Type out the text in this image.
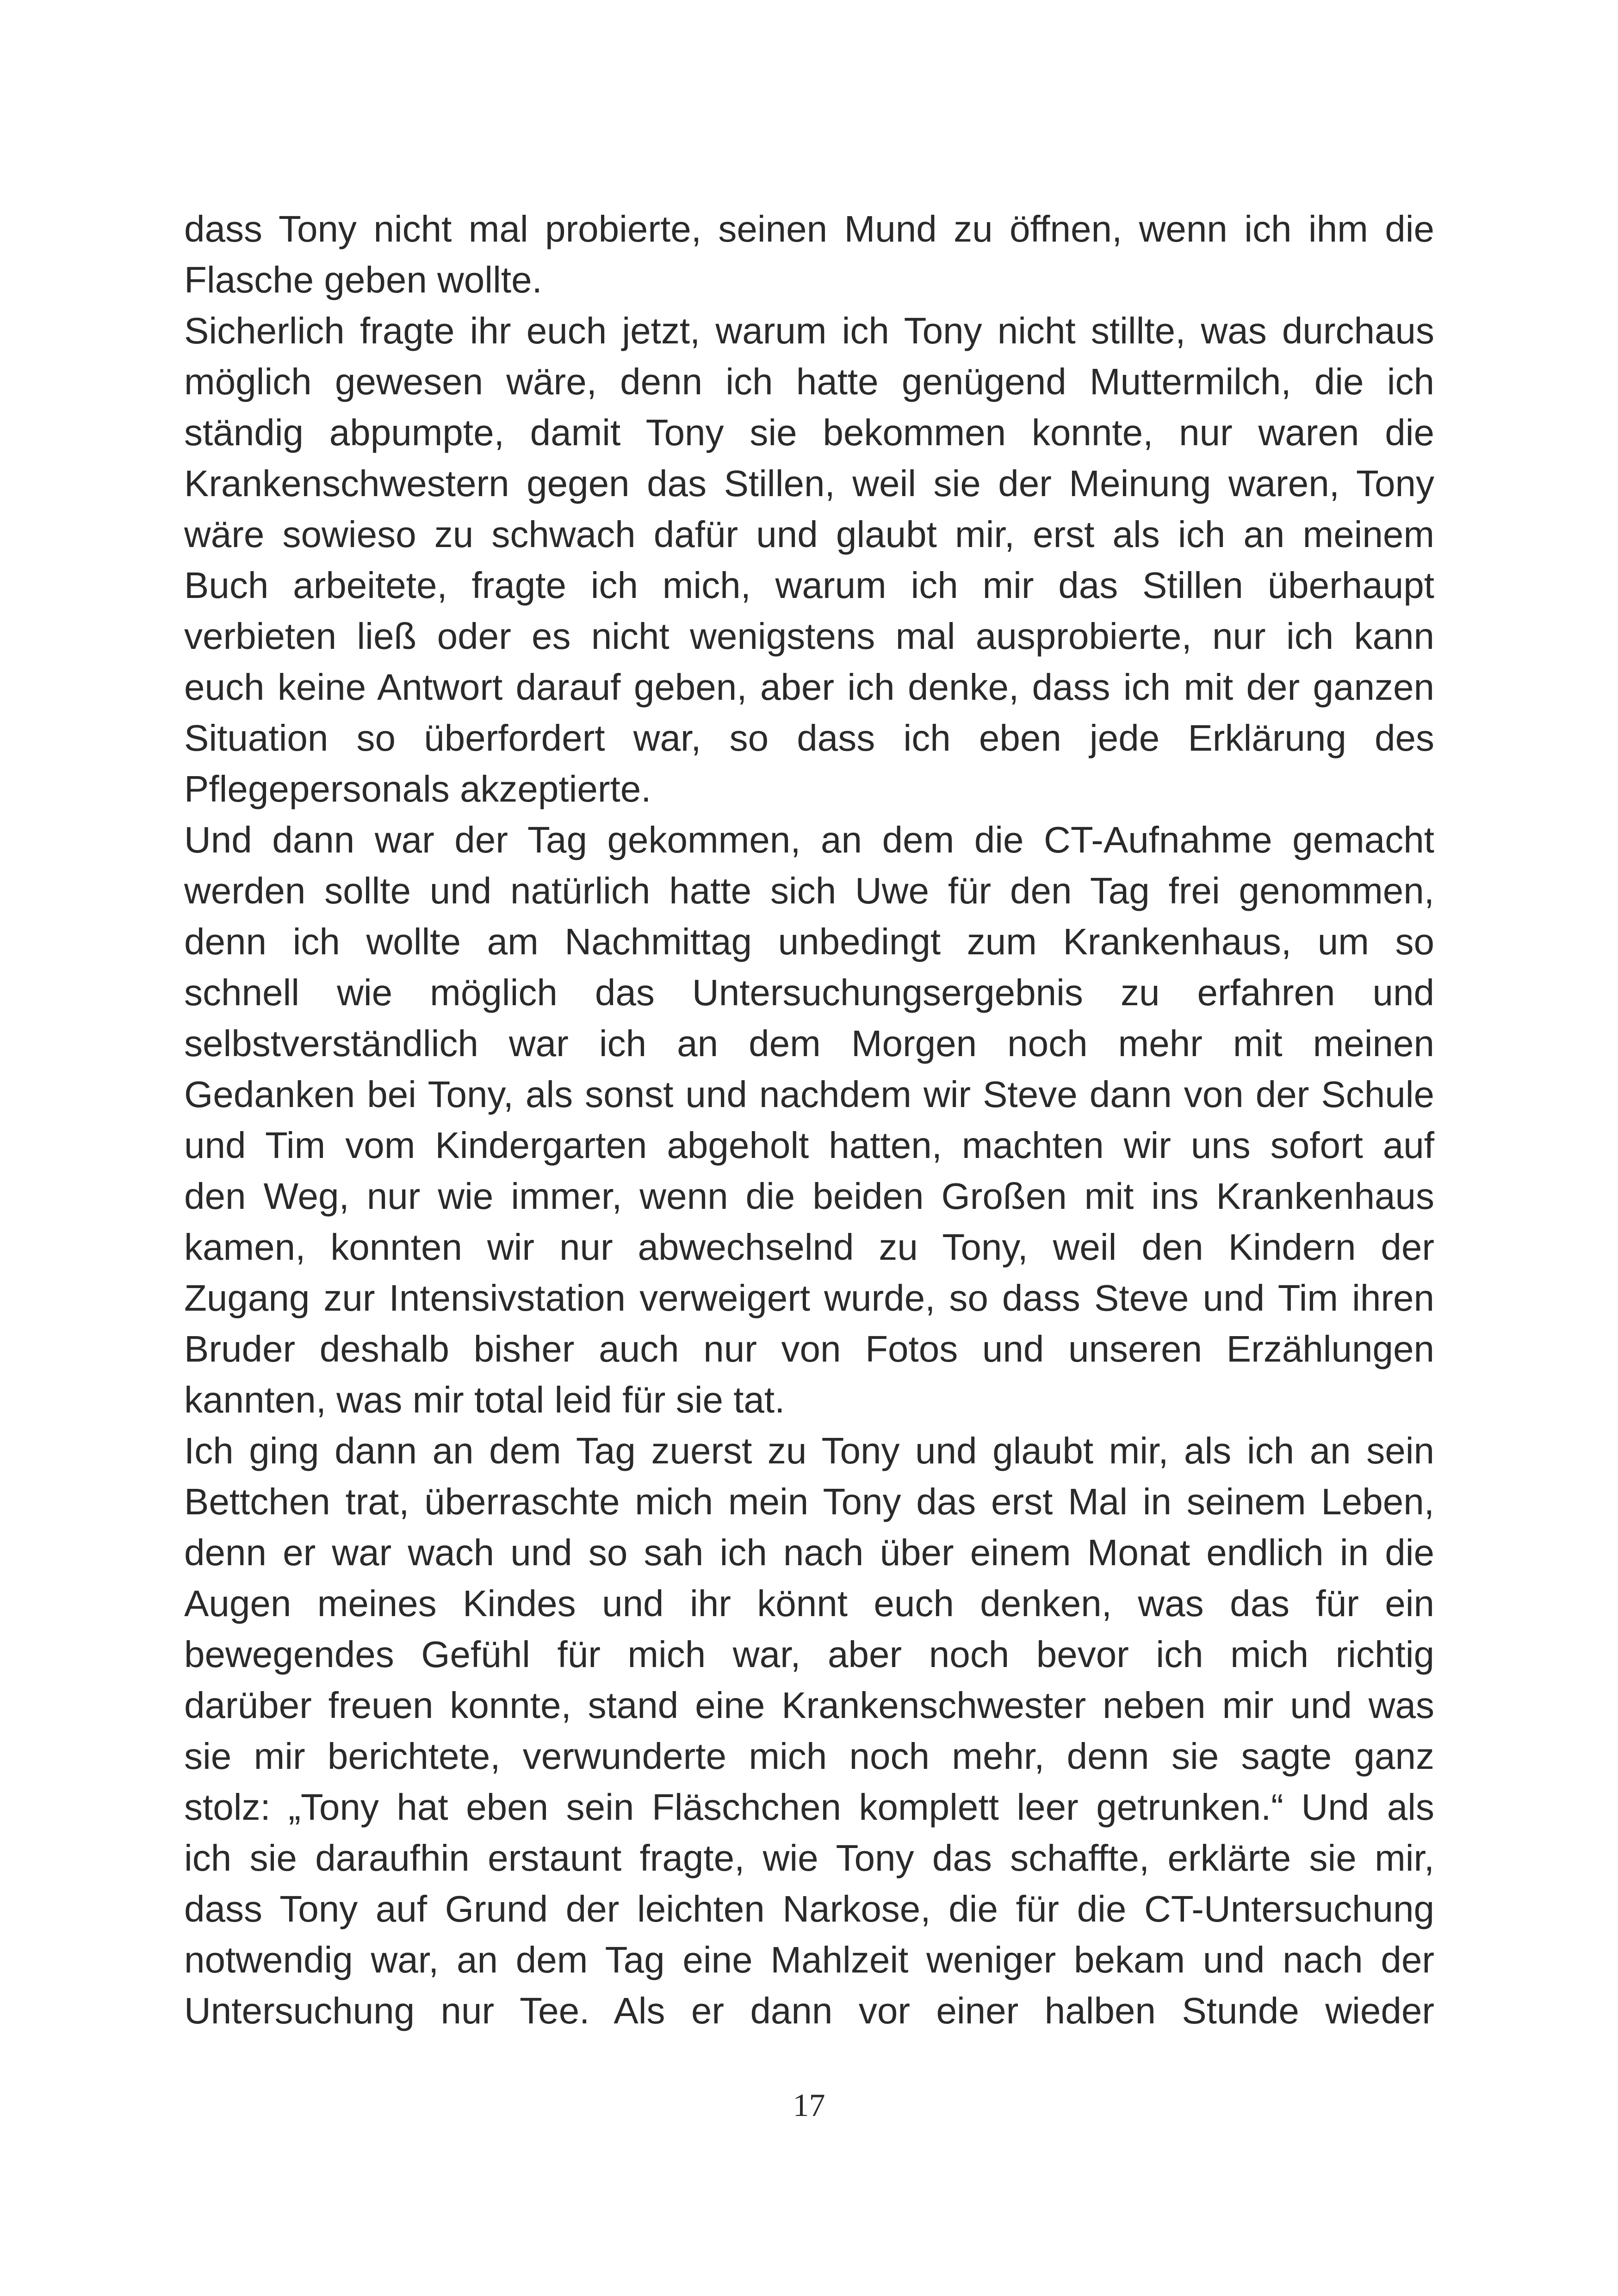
dass Tony nicht mal probierte, seinen Mund zu öffnen, wenn ich ihm die
Flasche geben wollte.
Sicherlich fragte ihr euch jetzt, warum ich Tony nicht stillte, was durchaus
möglich gewesen wäre, denn ich hatte genügend Muttermilch, die ich
ständig abpumpte, damit Tony sie bekommen konnte, nur waren die
Krankenschwestern gegen das Stillen, weil sie der Meinung waren, Tony
wäre sowieso zu schwach dafür und glaubt mir, erst als ich an meinem
Buch arbeitete, fragte ich mich, warum ich mir das Stillen überhaupt
verbieten ließ oder es nicht wenigstens mal ausprobierte, nur ich kann
euch keine Antwort darauf geben, aber ich denke, dass ich mit der ganzen
Situation so überfordert war, so dass ich eben jede Erklärung des
Pflegepersonals akzeptierte.
Und dann war der Tag gekommen, an dem die CT-Aufnahme gemacht
werden sollte und natürlich hatte sich Uwe für den Tag frei genommen,
denn ich wollte am Nachmittag unbedingt zum Krankenhaus, um so
schnell wie möglich das Untersuchungsergebnis zu erfahren und
selbstverständlich war ich an dem Morgen noch mehr mit meinen
Gedanken bei Tony, als sonst und nachdem wir Steve dann von der Schule
und Tim vom Kindergarten abgeholt hatten, machten wir uns sofort auf
den Weg, nur wie immer, wenn die beiden Großen mit ins Krankenhaus
kamen, konnten wir nur abwechselnd zu Tony, weil den Kindern der
Zugang zur Intensivstation verweigert wurde, so dass Steve und Tim ihren
Bruder deshalb bisher auch nur von Fotos und unseren Erzählungen
kannten, was mir total leid für sie tat.
Ich ging dann an dem Tag zuerst zu Tony und glaubt mir, als ich an sein
Bettchen trat, überraschte mich mein Tony das erst Mal in seinem Leben,
denn er war wach und so sah ich nach über einem Monat endlich in die
Augen meines Kindes und ihr könnt euch denken, was das für ein
bewegendes Gefühl für mich war, aber noch bevor ich mich richtig
darüber freuen konnte, stand eine Krankenschwester neben mir und was
sie mir berichtete, verwunderte mich noch mehr, denn sie sagte ganz
stolz: „Tony hat eben sein Fläschchen komplett leer getrunken.“ Und als
ich sie daraufhin erstaunt fragte, wie Tony das schaffte, erklärte sie mir,
dass Tony auf Grund der leichten Narkose, die für die CT-Untersuchung
notwendig war, an dem Tag eine Mahlzeit weniger bekam und nach der
Untersuchung nur Tee. Als er dann vor einer halben Stunde wieder
17
